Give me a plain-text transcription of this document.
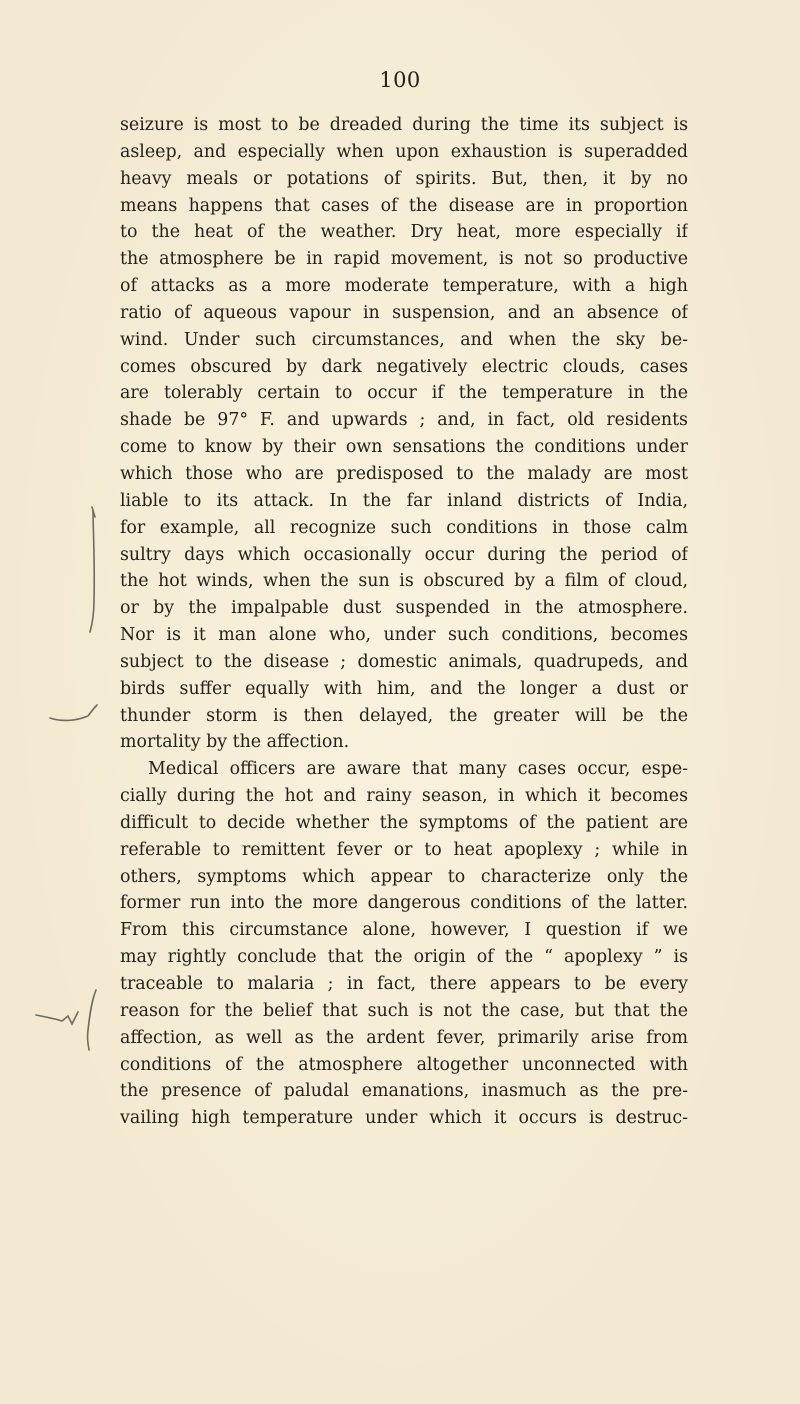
100
seizure is most to be dreaded during the time its subject is
asleep, and especially when upon exhaustion is superadded
heavy meals or potations of spirits. But, then, it by no
means happens that cases of the disease are in proportion
to the heat of the weather. Dry heat, more especially if
the atmosphere be in rapid movement, is not so productive
of attacks as a more moderate temperature, with a high
ratio of aqueous vapour in suspension, and an absence of
wind. Under such circumstances, and when the sky be-
comes obscured by dark negatively electric clouds, cases
are tolerably certain to occur if the temperature in the
shade be 97° F. and upwards ; and, in fact, old residents
come to know by their own sensations the conditions under
which those who are predisposed to the malady are most
liable to its attack. In the far inland districts of India,
for example, all recognize such conditions in those calm
sultry days which occasionally occur during the period of
the hot winds, when the sun is obscured by a film of cloud,
or by the impalpable dust suspended in the atmosphere.
Nor is it man alone who, under such conditions, becomes
subject to the disease ; domestic animals, quadrupeds, and
birds suffer equally with him, and the longer a dust or
thunder storm is then delayed, the greater will be the
mortality by the affection.
Medical officers are aware that many cases occur, espe-
cially during the hot and rainy season, in which it becomes
difficult to decide whether the symptoms of the patient are
referable to remittent fever or to heat apoplexy ; while in
others, symptoms which appear to characterize only the
former run into the more dangerous conditions of the latter.
From this circumstance alone, however, I question if we
may rightly conclude that the origin of the “ apoplexy ” is
traceable to malaria ; in fact, there appears to be every
reason for the belief that such is not the case, but that the
affection, as well as the ardent fever, primarily arise from
conditions of the atmosphere altogether unconnected with
the presence of paludal emanations, inasmuch as the pre-
vailing high temperature under which it occurs is destruc-
